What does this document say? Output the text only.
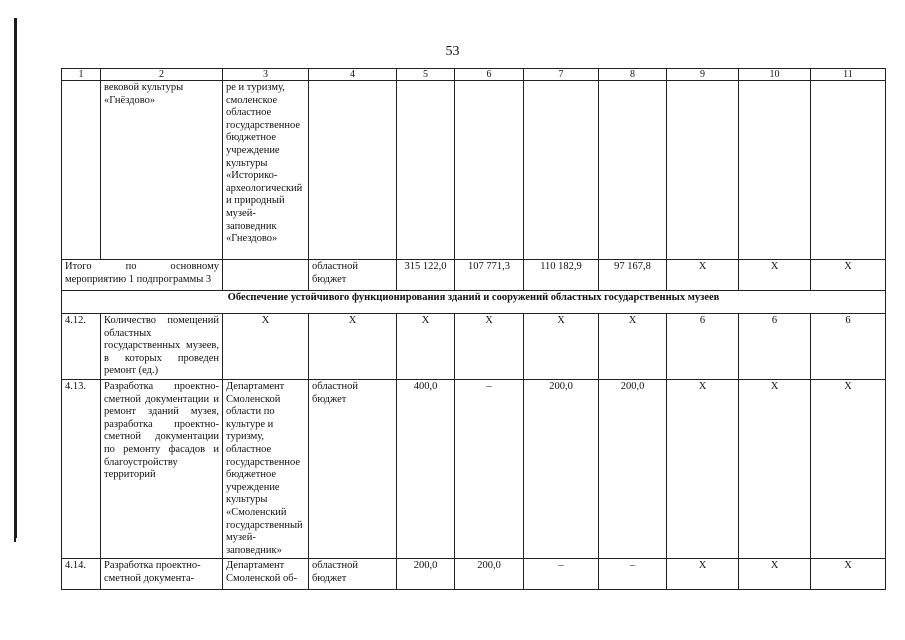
53
1	2	3	4	5	6	7	8	9	10	11
	вековой культуры «Гнёздово»	ре и туризму, смоленское областное государственное бюджетное учреждение культуры «Историко-археологический и природный музей-заповедник «Гнездово»								
Итого по основному мероприятию 1 подпрограммы 3			областной бюджет	315 122,0	107 771,3	110 182,9	97 167,8	X	X	X
Обеспечение устойчивого функционирования зданий и сооружений областных государственных музеев										
4.12.	Количество помещений областных государственных музеев, в которых проведен ремонт (ед.)	X	X	X	X	X	X	6	6	6
4.13.	Разработка проектно-сметной документации и ремонт зданий музея, разработка проектно-сметной документации по ремонту фасадов и благоустройству территорий	Департамент Смоленской области по культуре и туризму, областное государственное бюджетное учреждение культуры «Смоленский государственный музей-заповедник»	областной бюджет	400,0	–	200,0	200,0	X	X	X
4.14.	Разработка проектно-сметной документа-	Департамент Смоленской об-	областной бюджет	200,0	200,0	–	–	X	X	X
